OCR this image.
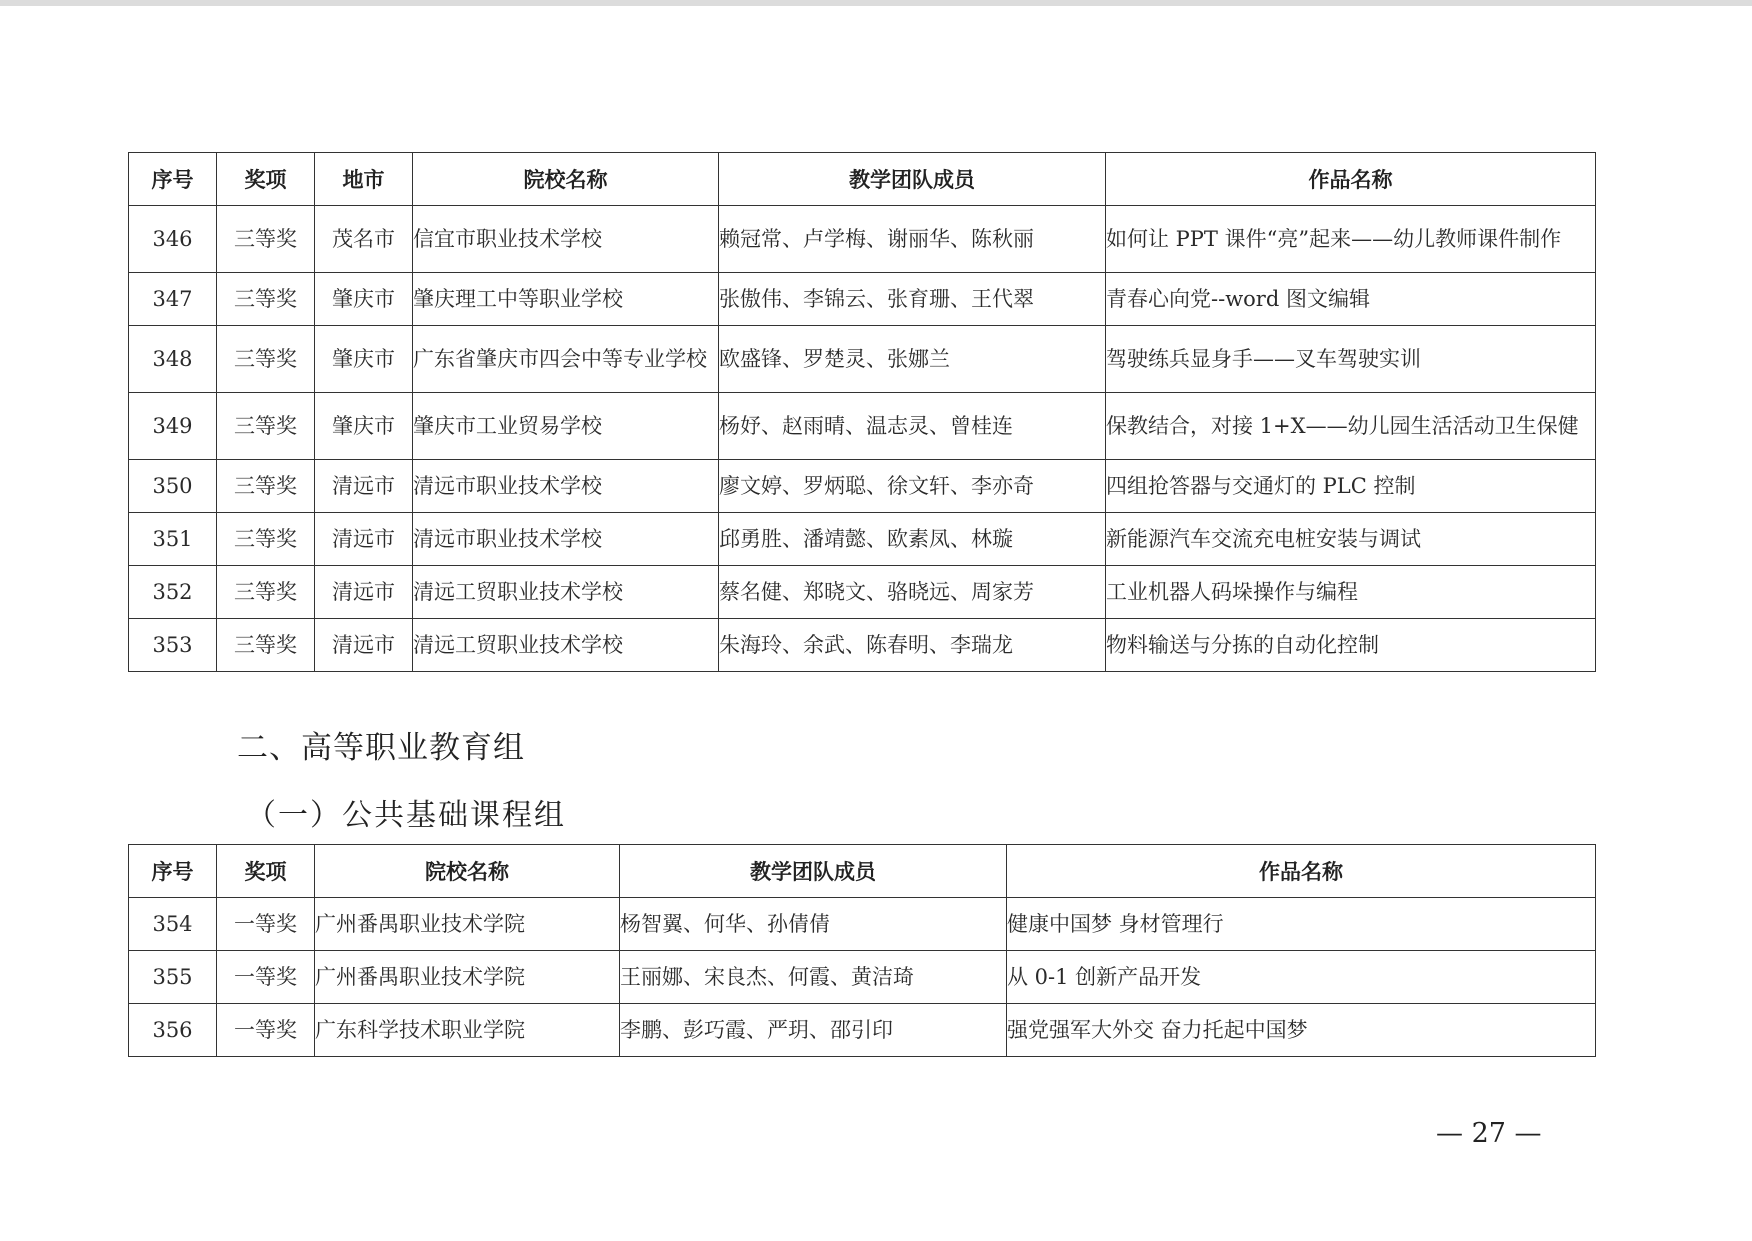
序号	奖项	地市	院校名称	教学团队成员	作品名称
346	三等奖	茂名市	信宜市职业技术学校	赖冠常、卢学梅、谢丽华、陈秋丽	如何让 PPT 课件“亮”起来——幼儿教师课件制作
347	三等奖	肇庆市	肇庆理工中等职业学校	张傲伟、李锦云、张育珊、王代翠	青春心向党--word 图文编辑
348	三等奖	肇庆市	广东省肇庆市四会中等专业学校	欧盛锋、罗楚灵、张娜兰	驾驶练兵显身手——叉车驾驶实训
349	三等奖	肇庆市	肇庆市工业贸易学校	杨妤、赵雨晴、温志灵、曾桂连	保教结合，对接 1+X——幼儿园生活活动卫生保健
350	三等奖	清远市	清远市职业技术学校	廖文婷、罗炳聪、徐文轩、李亦奇	四组抢答器与交通灯的 PLC 控制
351	三等奖	清远市	清远市职业技术学校	邱勇胜、潘靖懿、欧素凤、林璇	新能源汽车交流充电桩安装与调试
352	三等奖	清远市	清远工贸职业技术学校	蔡名健、郑晓文、骆晓远、周家芳	工业机器人码垛操作与编程
353	三等奖	清远市	清远工贸职业技术学校	朱海玲、余武、陈春明、李瑞龙	物料输送与分拣的自动化控制
二、高等职业教育组
（一）公共基础课程组
序号	奖项	院校名称	教学团队成员	作品名称
354	一等奖	广州番禺职业技术学院	杨智翼、何华、孙倩倩	健康中国梦 身材管理行
355	一等奖	广州番禺职业技术学院	王丽娜、宋良杰、何霞、黄洁琦	从 0-1 创新产品开发
356	一等奖	广东科学技术职业学院	李鹏、彭巧霞、严玥、邵引印	强党强军大外交 奋力托起中国梦
— 27 —
